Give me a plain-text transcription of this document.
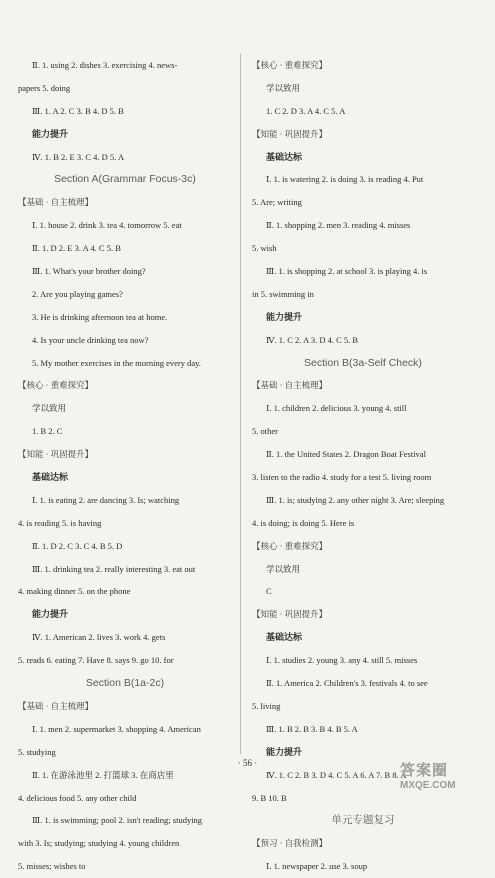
Ⅱ. 1. using 2. dishes 3. exercising 4. news-
papers 5. doing
Ⅲ. 1. A 2. C 3. B 4. D 5. B
能力提升
Ⅳ. 1. B 2. E 3. C 4. D 5. A
Section A(Grammar Focus-3c)
【基础 · 自主梳理】
Ⅰ. 1. house 2. drink 3. tea 4. tomorrow 5. eat
Ⅱ. 1. D 2. E 3. A 4. C 5. B
Ⅲ. 1. What's your brother doing?
2. Are you playing games?
3. He is drinking afternoon tea at home.
4. Is your uncle drinking tea now?
5. My mother exercises in the morning every day.
【核心 · 重难探究】
学以致用
1. B 2. C
【知能 · 巩固提升】
基础达标
Ⅰ. 1. is eating 2. are dancing 3. Is; watching
4. is reading 5. is having
Ⅱ. 1. D 2. C 3. C 4. B 5. D
Ⅲ. 1. drinking tea 2. really interesting 3. eat out
4. making dinner 5. on the phone
能力提升
Ⅳ. 1. American 2. lives 3. work 4. gets
5. reads 6. eating 7. Have 8. says 9. go 10. for
Section B(1a-2c)
【基础 · 自主梳理】
Ⅰ. 1. men 2. supermarket 3. shopping 4. American
5. studying
Ⅱ. 1. 在游泳池里 2. 打篮球 3. 在商店里
4. delicious food 5. any other child
Ⅲ. 1. is swimming; pool 2. isn't reading; studying
with 3. Is; studying; studying 4. young children
5. misses; wishes to
【核心 · 重难探究】
学以致用
1. C 2. D 3. A 4. C 5. A
【知能 · 巩固提升】
基础达标
Ⅰ. 1. is watering 2. is doing 3. is reading 4. Put
5. Are; writing
Ⅱ. 1. shopping 2. men 3. reading 4. misses
5. wish
Ⅲ. 1. is shopping 2. at school 3. is playing 4. is
in 5. swimming in
能力提升
Ⅳ. 1. C 2. A 3. D 4. C 5. B
Section B(3a-Self Check)
【基础 · 自主梳理】
Ⅰ. 1. children 2. delicious 3. young 4. still
5. other
Ⅱ. 1. the United States 2. Dragon Boat Festival
3. listen to the radio 4. study for a test 5. living room
Ⅲ. 1. is; studying 2. any other night 3. Are; sleeping
4. is doing; is doing 5. Here is
【核心 · 重难探究】
学以致用
C
【知能 · 巩固提升】
基础达标
Ⅰ. 1. studies 2. young 3. any 4. still 5. misses
Ⅱ. 1. America 2. Children's 3. festivals 4. to see
5. living
Ⅲ. 1. B 2. B 3. B 4. B 5. A
能力提升
Ⅳ. 1. C 2. B 3. D 4. C 5. A 6. A 7. B 8. A
9. B 10. B
单元专题复习
【预习 · 自我检测】
Ⅰ. 1. newspaper 2. use 3. soup
· 56 ·	答案圈
MXQE.COM
